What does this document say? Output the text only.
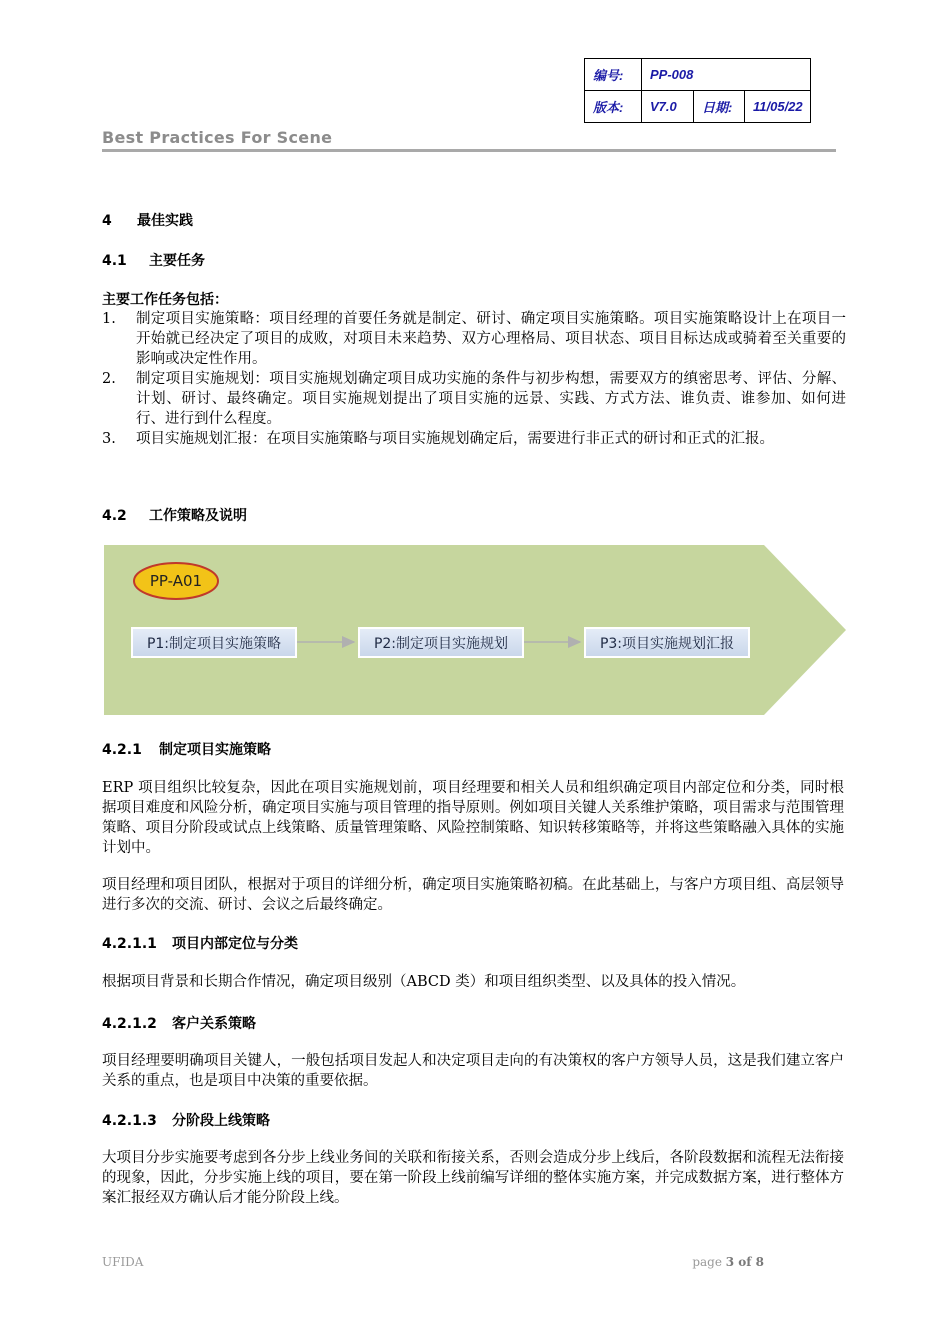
编号:	PP-008		
版本:	V7.0	日期:	11/05/22
Best Practices For Scene
4 最佳实践
4.1 主要任务
主要工作任务包括：
1.	制定项目实施策略：项目经理的首要任务就是制定、研讨、确定项目实施策略。项目实施策略设计上在项目一开始就已经决定了项目的成败，对项目未来趋势、双方心理格局、项目状态、项目目标达成或骑着至关重要的影响或决定性作用。
2.	制定项目实施规划：项目实施规划确定项目成功实施的条件与初步构想，需要双方的缜密思考、评估、分解、计划、研讨、最终确定。项目实施规划提出了项目实施的远景、实践、方式方法、谁负责、谁参加、如何进行、进行到什么程度。
3.	项目实施规划汇报：在项目实施策略与项目实施规划确定后，需要进行非正式的研讨和正式的汇报。
4.2 工作策略及说明
PP-A01
P1:制定项目实施策略	P2:制定项目实施规划	P3:项目实施规划汇报
4.2.1 制定项目实施策略
ERP 项目组织比较复杂，因此在项目实施规划前，项目经理要和相关人员和组织确定项目内部定位和分类，同时根据项目难度和风险分析，确定项目实施与项目管理的指导原则。例如项目关键人关系维护策略，项目需求与范围管理策略、项目分阶段或试点上线策略、质量管理策略、风险控制策略、知识转移策略等，并将这些策略融入具体的实施计划中。
项目经理和项目团队，根据对于项目的详细分析，确定项目实施策略初稿。在此基础上，与客户方项目组、高层领导进行多次的交流、研讨、会议之后最终确定。
4.2.1.1 项目内部定位与分类
根据项目背景和长期合作情况，确定项目级别（ABCD 类）和项目组织类型、以及具体的投入情况。
4.2.1.2 客户关系策略
项目经理要明确项目关键人，一般包括项目发起人和决定项目走向的有决策权的客户方领导人员，这是我们建立客户关系的重点，也是项目中决策的重要依据。
4.2.1.3 分阶段上线策略
大项目分步实施要考虑到各分步上线业务间的关联和衔接关系，否则会造成分步上线后，各阶段数据和流程无法衔接的现象，因此，分步实施上线的项目，要在第一阶段上线前编写详细的整体实施方案，并完成数据方案，进行整体方案汇报经双方确认后才能分阶段上线。
UFIDA	page 3 of 8
